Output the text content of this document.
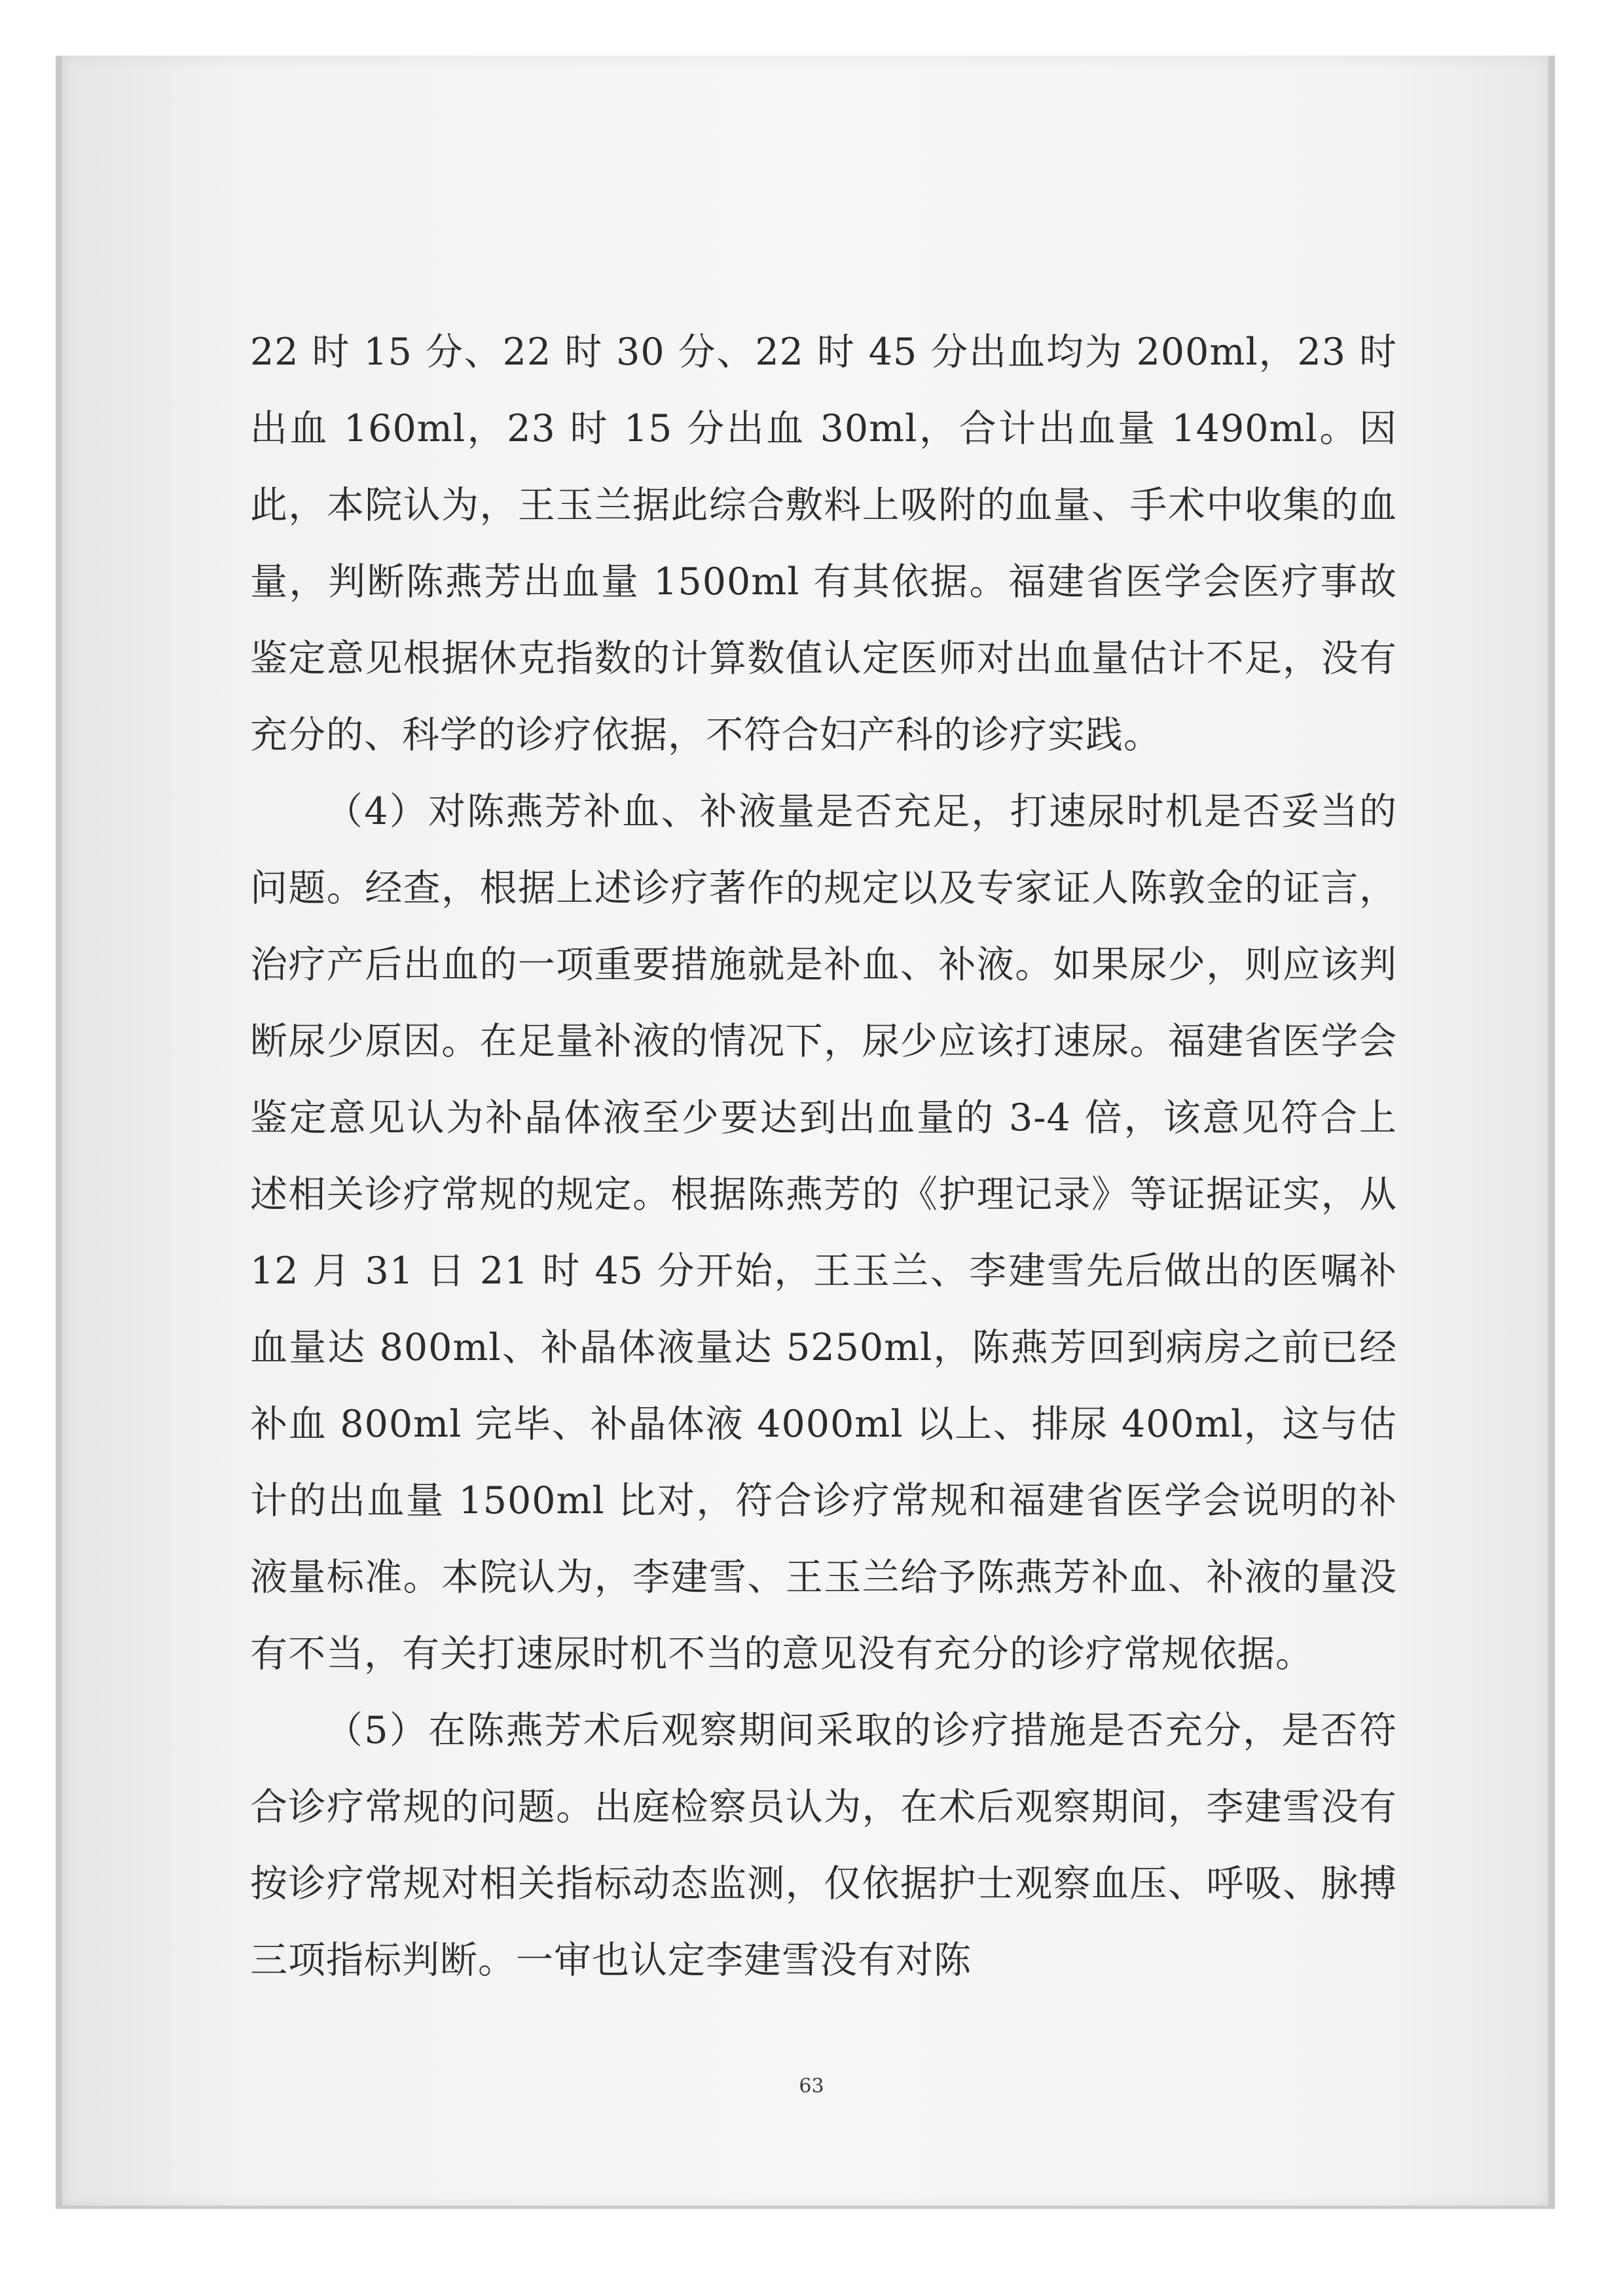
22 时 15 分、22 时 30 分、22 时 45 分出血均为 200ml，23 时出血 160ml，23 时 15 分出血 30ml，合计出血量 1490ml。因此，本院认为，王玉兰据此综合敷料上吸附的血量、手术中收集的血量，判断陈燕芳出血量 1500ml 有其依据。福建省医学会医疗事故鉴定意见根据休克指数的计算数值认定医师对出血量估计不足，没有充分的、科学的诊疗依据，不符合妇产科的诊疗实践。

（4）对陈燕芳补血、补液量是否充足，打速尿时机是否妥当的问题。经查，根据上述诊疗著作的规定以及专家证人陈敦金的证言，治疗产后出血的一项重要措施就是补血、补液。如果尿少，则应该判断尿少原因。在足量补液的情况下，尿少应该打速尿。福建省医学会鉴定意见认为补晶体液至少要达到出血量的 3-4 倍，该意见符合上述相关诊疗常规的规定。根据陈燕芳的《护理记录》等证据证实，从 12 月 31 日 21 时 45 分开始，王玉兰、李建雪先后做出的医嘱补血量达 800ml、补晶体液量达 5250ml，陈燕芳回到病房之前已经补血 800ml 完毕、补晶体液 4000ml 以上、排尿 400ml，这与估计的出血量 1500ml 比对，符合诊疗常规和福建省医学会说明的补液量标准。本院认为，李建雪、王玉兰给予陈燕芳补血、补液的量没有不当，有关打速尿时机不当的意见没有充分的诊疗常规依据。

（5）在陈燕芳术后观察期间采取的诊疗措施是否充分，是否符合诊疗常规的问题。出庭检察员认为，在术后观察期间，李建雪没有按诊疗常规对相关指标动态监测，仅依据护士观察血压、呼吸、脉搏三项指标判断。一审也认定李建雪没有对陈

63
